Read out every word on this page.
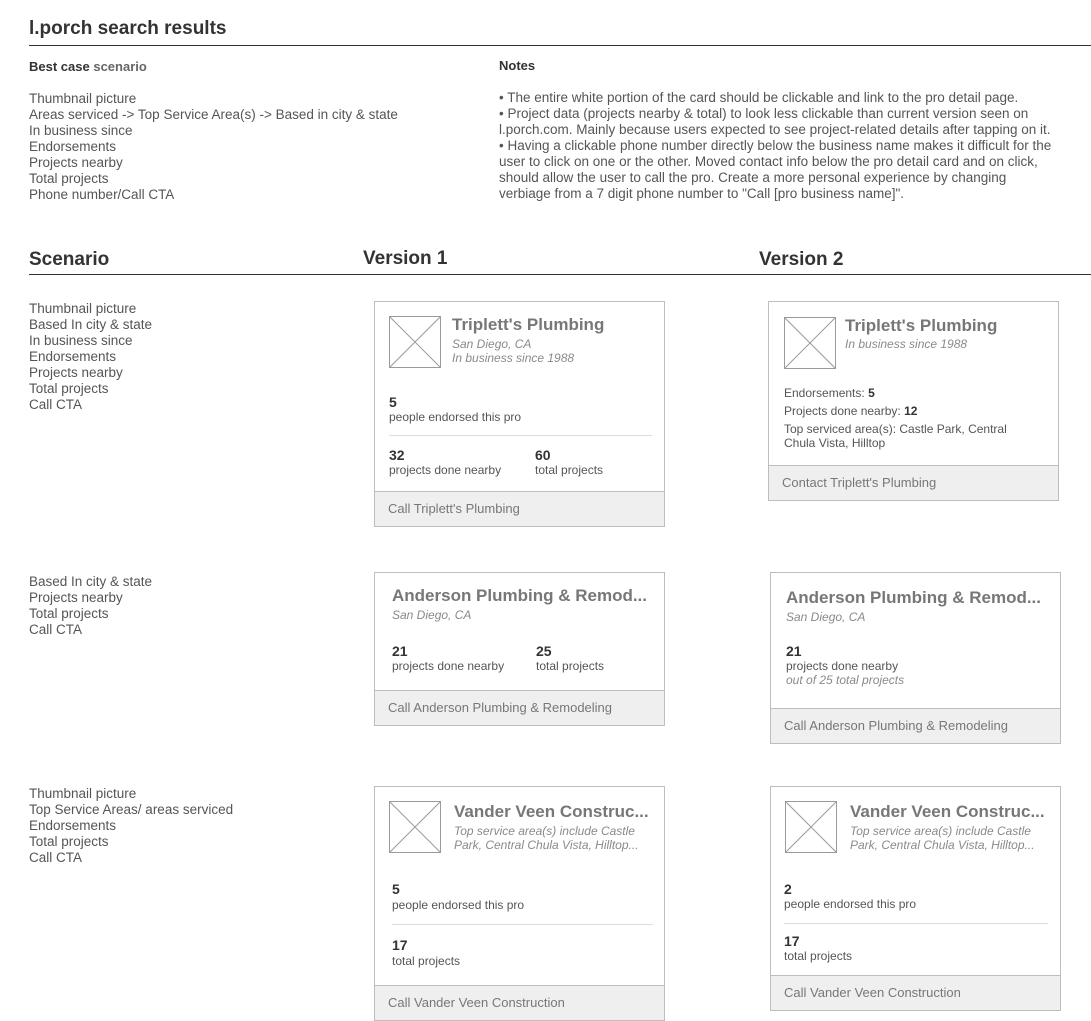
l.porch search results
Best case scenario
Thumbnail picture
Areas serviced -> Top Service Area(s) -> Based in city & state
In business since
Endorsements
Projects nearby
Total projects
Phone number/Call CTA
Notes
• The entire white portion of the card should be clickable and link to the pro detail page.
• Project data (projects nearby & total) to look less clickable than current version seen on
l.porch.com. Mainly because users expected to see project-related details after tapping on it.
• Having a clickable phone number directly below the business name makes it difficult for the
user to click on one or the other. Moved contact info below the pro detail card and on click,
should allow the user to call the pro. Create a more personal experience by changing
verbiage from a 7 digit phone number to "Call [pro business name]".
Scenario	Version 1	Version 2
Thumbnail picture
Based In city & state
In business since
Endorsements
Projects nearby
Total projects
Call CTA
Based In city & state
Projects nearby
Total projects
Call CTA
Thumbnail picture
Top Service Areas/ areas serviced
Endorsements
Total projects
Call CTA
Triplett's Plumbing
San Diego, CA
In business since 1988
5
people endorsed this pro
32
projects done nearby
60
total projects
Call Triplett's Plumbing
Triplett's Plumbing
In business since 1988
Endorsements: 5
Projects done nearby: 12
Top serviced area(s): Castle Park, Central
Chula Vista, Hilltop
Contact Triplett's Plumbing
Anderson Plumbing & Remod...
San Diego, CA
21
projects done nearby
25
total projects
Call Anderson Plumbing & Remodeling
Anderson Plumbing & Remod...
San Diego, CA
21
projects done nearby
out of 25 total projects
Call Anderson Plumbing & Remodeling
Vander Veen Construc...
Top service area(s) include Castle
Park, Central Chula Vista, Hilltop...
5
people endorsed this pro
17
total projects
Call Vander Veen Construction
Vander Veen Construc...
Top service area(s) include Castle
Park, Central Chula Vista, Hilltop...
2
people endorsed this pro
17
total projects
Call Vander Veen Construction
